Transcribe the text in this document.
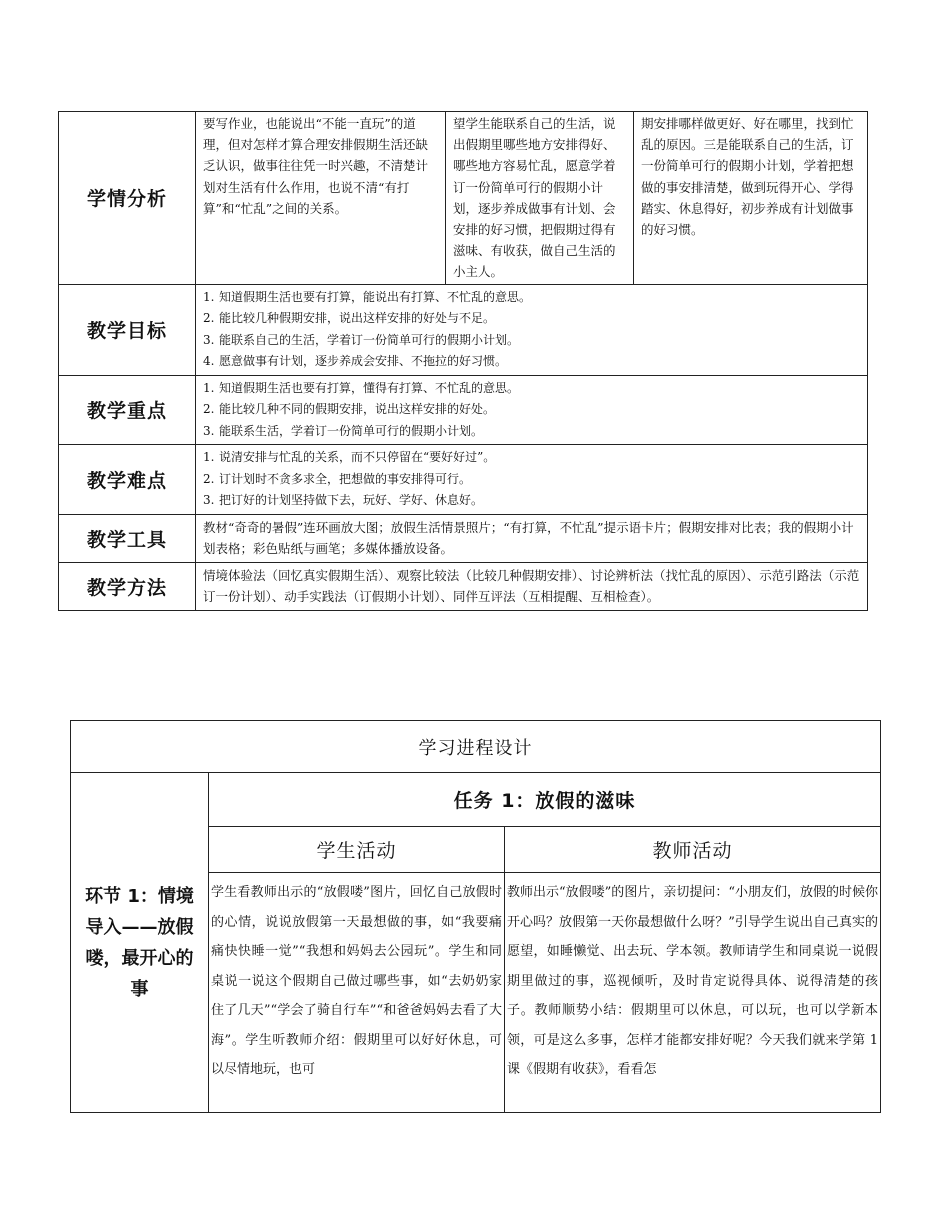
学情分析	要写作业，也能说出“不能一直玩”的道理，但对怎样才算合理安排假期生活还缺乏认识，做事往往凭一时兴趣，不清楚计划对生活有什么作用，也说不清“有打算”和“忙乱”之间的关系。	望学生能联系自己的生活，说出假期里哪些地方安排得好、哪些地方容易忙乱，愿意学着订一份简单可行的假期小计划，逐步养成做事有计划、会安排的好习惯，把假期过得有滋味、有收获，做自己生活的小主人。	期安排哪样做更好、好在哪里，找到忙乱的原因。三是能联系自己的生活，订一份简单可行的假期小计划，学着把想做的事安排清楚，做到玩得开心、学得踏实、休息得好，初步养成有计划做事的好习惯。
教学目标	1. 知道假期生活也要有打算，能说出有打算、不忙乱的意思。
2. 能比较几种假期安排，说出这样安排的好处与不足。
3. 能联系自己的生活，学着订一份简单可行的假期小计划。
4. 愿意做事有计划，逐步养成会安排、不拖拉的好习惯。		

教学重点	1. 知道假期生活也要有打算，懂得有打算、不忙乱的意思。
2. 能比较几种不同的假期安排，说出这样安排的好处。
3. 能联系生活，学着订一份简单可行的假期小计划。		

教学难点	1. 说清安排与忙乱的关系，而不只停留在“要好好过”。
2. 订计划时不贪多求全，把想做的事安排得可行。
3. 把订好的计划坚持做下去，玩好、学好、休息好。		

教学工具	教材“奇奇的暑假”连环画放大图；放假生活情景照片；“有打算，不忙乱”提示语卡片；假期安排对比表；我的假期小计划表格；彩色贴纸与画笔；多媒体播放设备。		
教学方法	情境体验法（回忆真实假期生活）、观察比较法（比较几种假期安排）、讨论辨析法（找忙乱的原因）、示范引路法（示范订一份计划）、动手实践法（订假期小计划）、同伴互评法（互相提醒、互相检查）。		
学习进程设计		
环节 1：情境导入——放假喽，最开心的事	任务 1：放假的滋味	
	学生活动	教师活动

	学生看教师出示的“放假喽”图片，回忆自己放假时的心情，说说放假第一天最想做的事，如“我要痛痛快快睡一觉”“我想和妈妈去公园玩”。学生和同桌说一说这个假期自己做过哪些事，如“去奶奶家住了几天”“学会了骑自行车”“和爸爸妈妈去看了大海”。学生听教师介绍：假期里可以好好休息，可以尽情地玩，也可	教师出示“放假喽”的图片，亲切提问：“小朋友们，放假的时候你开心吗？放假第一天你最想做什么呀？”引导学生说出自己真实的愿望，如睡懒觉、出去玩、学本领。教师请学生和同桌说一说假期里做过的事，巡视倾听，及时肯定说得具体、说得清楚的孩子。教师顺势小结：假期里可以休息，可以玩，也可以学新本领，可是这么多事，怎样才能都安排好呢？今天我们就来学第 1 课《假期有收获》，看看怎
